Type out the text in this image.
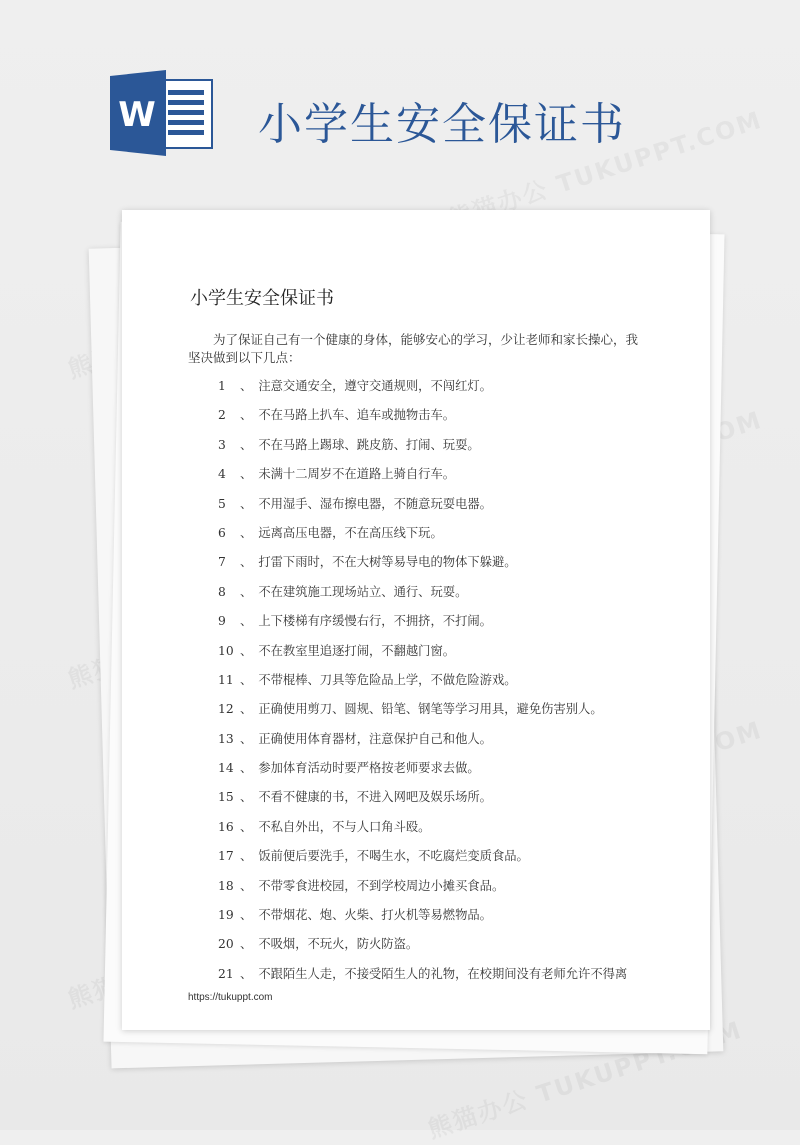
W 小学生安全保证书
小学生安全保证书
为了保证自己有一个健康的身体，能够安心的学习，少让老师和家长操心，我坚决做到以下几点：
1 、 注意交通安全，遵守交通规则，不闯红灯。
2 、 不在马路上扒车、追车或抛物击车。
3 、 不在马路上踢球、跳皮筋、打闹、玩耍。
4 、 未满十二周岁不在道路上骑自行车。
5 、 不用湿手、湿布擦电器，不随意玩耍电器。
6 、 远离高压电器，不在高压线下玩。
7 、 打雷下雨时，不在大树等易导电的物体下躲避。
8 、 不在建筑施工现场站立、通行、玩耍。
9 、 上下楼梯有序缓慢右行，不拥挤，不打闹。
10 、 不在教室里追逐打闹，不翻越门窗。
11 、 不带棍棒、刀具等危险品上学，不做危险游戏。
12 、 正确使用剪刀、圆规、铅笔、钢笔等学习用具，避免伤害别人。
13 、 正确使用体育器材，注意保护自己和他人。
14 、 参加体育活动时要严格按老师要求去做。
15 、 不看不健康的书，不进入网吧及娱乐场所。
16 、 不私自外出，不与人口角斗殴。
17 、 饭前便后要洗手，不喝生水，不吃腐烂变质食品。
18 、 不带零食进校园，不到学校周边小摊买食品。
19 、 不带烟花、炮、火柴、打火机等易燃物品。
20 、 不吸烟，不玩火，防火防盗。
21 、 不跟陌生人走，不接受陌生人的礼物，在校期间没有老师允许不得离
https://tukuppt.com
